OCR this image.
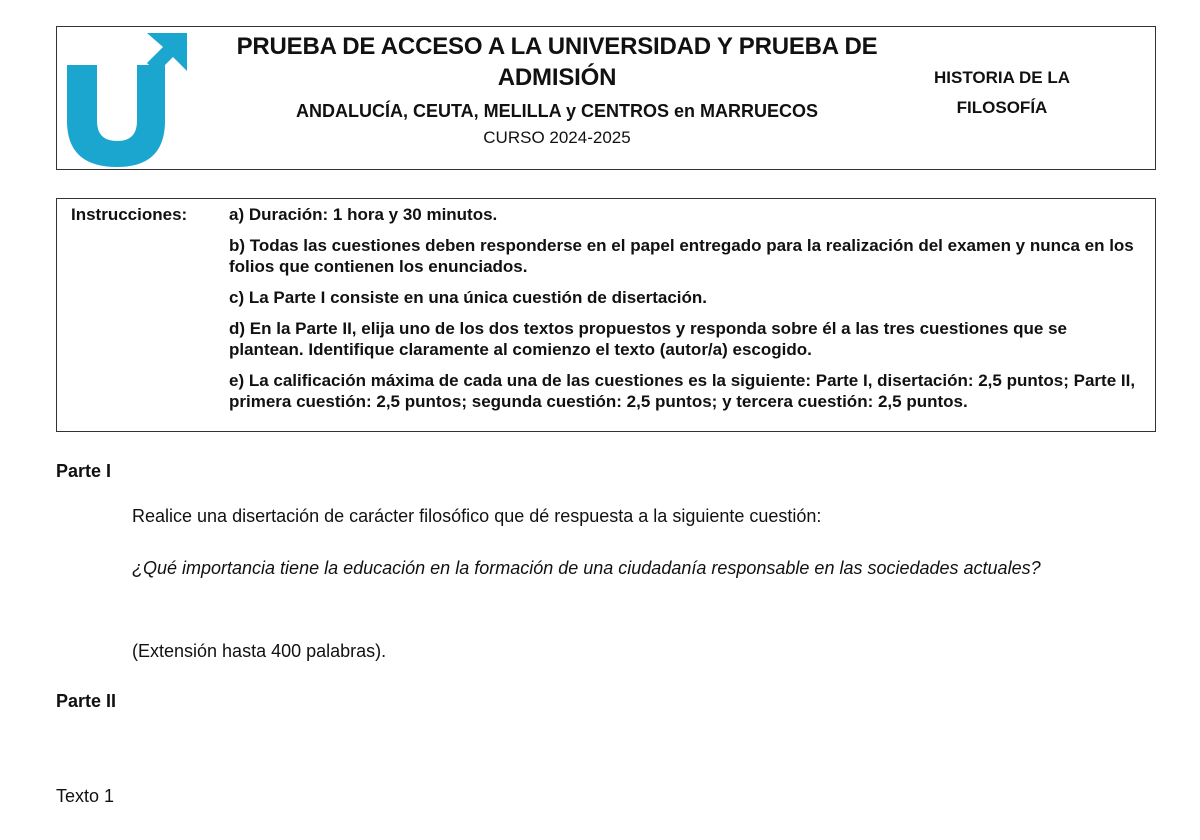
PRUEBA DE ACCESO A LA UNIVERSIDAD Y PRUEBA DE ADMISIÓN

ANDALUCÍA, CEUTA, MELILLA y CENTROS en MARRUECOS
CURSO 2024-2025
HISTORIA DE LA FILOSOFÍA
Instrucciones: a) Duración: 1 hora y 30 minutos.
b) Todas las cuestiones deben responderse en el papel entregado para la realización del examen y nunca en los folios que contienen los enunciados.
c) La Parte I consiste en una única cuestión de disertación.
d) En la Parte II, elija uno de los dos textos propuestos y responda sobre él a las tres cuestiones que se plantean. Identifique claramente al comienzo el texto (autor/a) escogido.
e) La calificación máxima de cada una de las cuestiones es la siguiente: Parte I, disertación: 2,5 puntos; Parte II, primera cuestión: 2,5 puntos; segunda cuestión: 2,5 puntos; y tercera cuestión: 2,5 puntos.
Parte I
Realice una disertación de carácter filosófico que dé respuesta a la siguiente cuestión:
¿Qué importancia tiene la educación en la formación de una ciudadanía responsable en las sociedades actuales?
(Extensión hasta 400 palabras).
Parte II
Texto 1
